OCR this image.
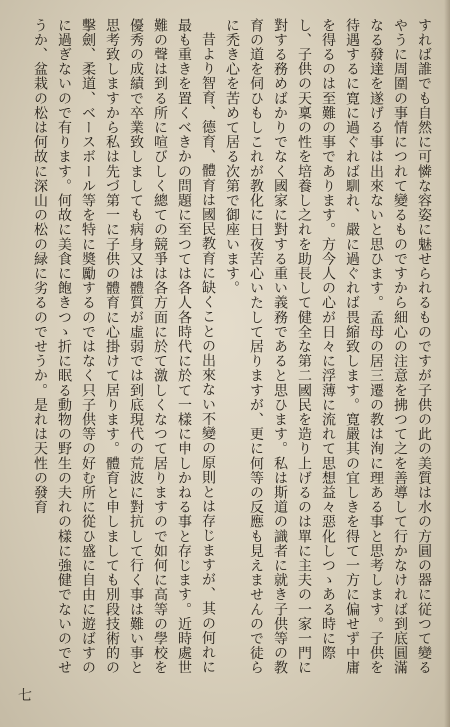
すれば誰でも自然に可憐な容姿に魅せられるものですが子供の此の美質は水の方圓の器に従つて變るやうに周圍の事情につれて變るものですから細心の注意を拂つて之を善導して行かなければ到底圓滿なる發達を遂げる事は出來ないと思ひます。孟母の居三遷の教は洵に理ある事と思考します。子供を待遇するに寛に過ぐれば馴れ、嚴に過ぐれば畏縮致します。寛嚴其の宜しきを得て一方に偏せず中庸を得るのは至難の事であります。方今人の心が日々に浮薄に流れて思想益々惡化しつゝある時に際し、子供の天稟の性を培養し之れを助長して健全な第二國民を造り上げるのは單に主夫の一家一門に對する務めばかりでなく國家に對する重い義務であると思ひます。私は斯道の識者に就き子供等の教育の道を伺ひもしこれが教化に日夜苦心いたして居りますが、更に何等の反應も見えませんので徒らに禿き心を苦めて居る次第で御座います。

昔より智育、德育、體育は國民教育に缺くことの出來ない不變の原則とは存じますが、其の何れに最も重きを置くべきかの問題に至つては各人各時代に於て一樣に申しかねる事と存じます。近時處世難の聲は到る所に喧びしく總ての競爭は各方面に於て激しくなつて居りますので如何に高等の學校を優秀の成績で卒業致しましても病身又は體質が虛弱では到底現代の荒波に對抗して行く事は難い事と思考致しますから私は先づ第一に子供の體育に心掛けて居ります。體育と申しましても別段技術的の擊劍、柔道、ベースボール等を特に奬勵するのではなく只子供等の好む所に從ひ盛に自由に遊ばすのに過ぎないので有ります。何故に美食に飽きつゝ折に眠る動物の野生の夫れの樣に強健でないのでせうか、盆栽の松は何故に深山の松の緑に劣るのでせうか。是れは天性の發育

七
